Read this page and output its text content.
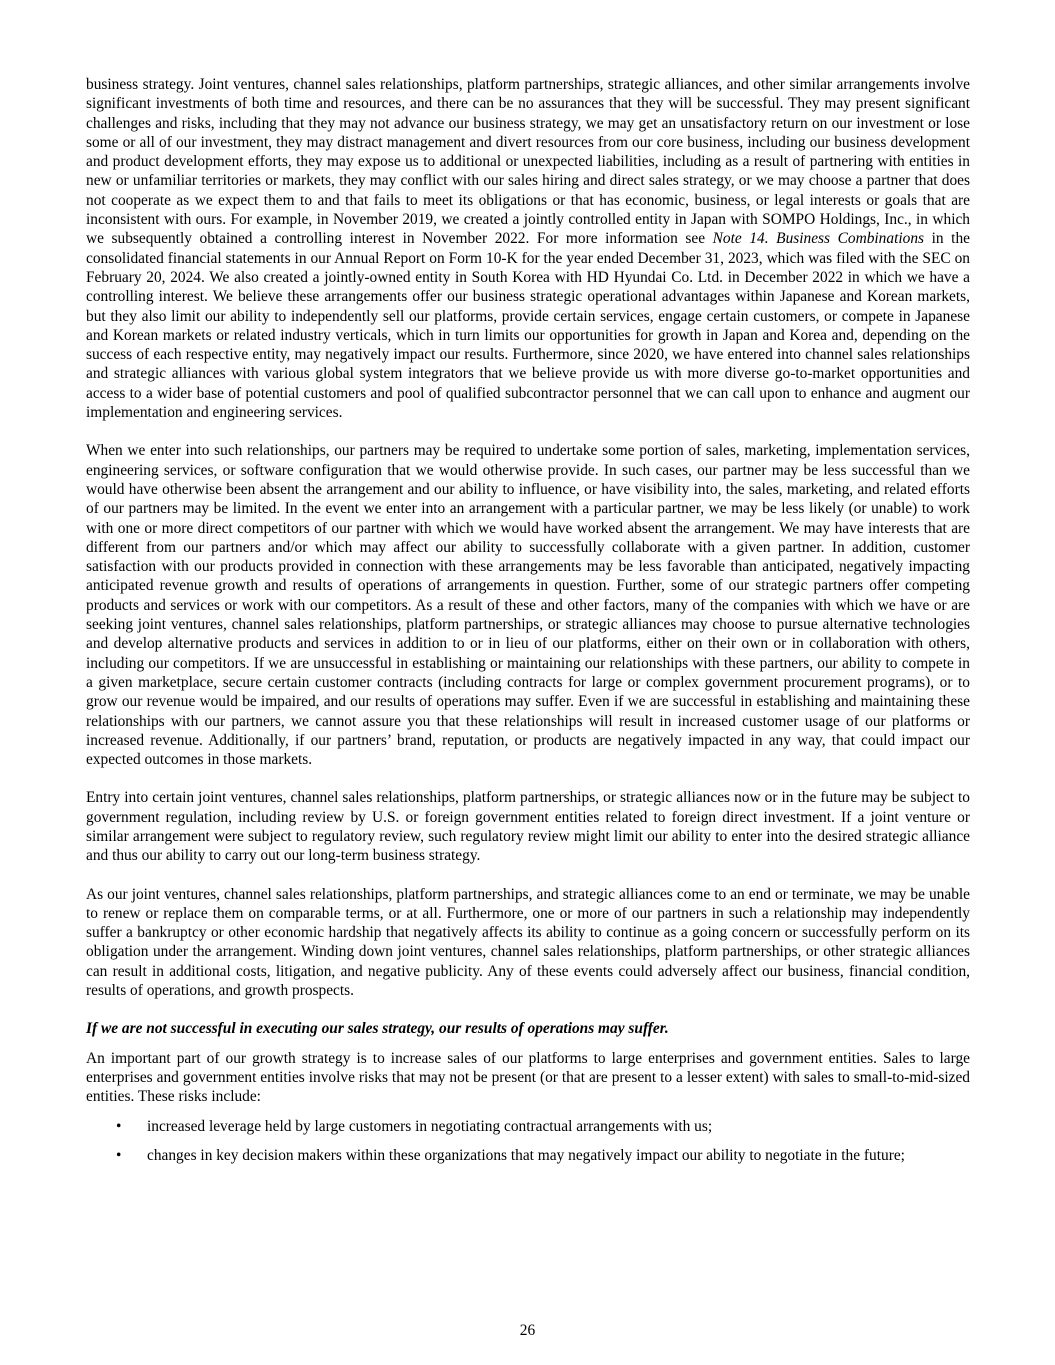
business strategy. Joint ventures, channel sales relationships, platform partnerships, strategic alliances, and other similar arrangements involve significant investments of both time and resources, and there can be no assurances that they will be successful. They may present significant challenges and risks, including that they may not advance our business strategy, we may get an unsatisfactory return on our investment or lose some or all of our investment, they may distract management and divert resources from our core business, including our business development and product development efforts, they may expose us to additional or unexpected liabilities, including as a result of partnering with entities in new or unfamiliar territories or markets, they may conflict with our sales hiring and direct sales strategy, or we may choose a partner that does not cooperate as we expect them to and that fails to meet its obligations or that has economic, business, or legal interests or goals that are inconsistent with ours. For example, in November 2019, we created a jointly controlled entity in Japan with SOMPO Holdings, Inc., in which we subsequently obtained a controlling interest in November 2022. For more information see Note 14. Business Combinations in the consolidated financial statements in our Annual Report on Form 10-K for the year ended December 31, 2023, which was filed with the SEC on February 20, 2024. We also created a jointly-owned entity in South Korea with HD Hyundai Co. Ltd. in December 2022 in which we have a controlling interest. We believe these arrangements offer our business strategic operational advantages within Japanese and Korean markets, but they also limit our ability to independently sell our platforms, provide certain services, engage certain customers, or compete in Japanese and Korean markets or related industry verticals, which in turn limits our opportunities for growth in Japan and Korea and, depending on the success of each respective entity, may negatively impact our results. Furthermore, since 2020, we have entered into channel sales relationships and strategic alliances with various global system integrators that we believe provide us with more diverse go-to-market opportunities and access to a wider base of potential customers and pool of qualified subcontractor personnel that we can call upon to enhance and augment our implementation and engineering services.

When we enter into such relationships, our partners may be required to undertake some portion of sales, marketing, implementation services, engineering services, or software configuration that we would otherwise provide. In such cases, our partner may be less successful than we would have otherwise been absent the arrangement and our ability to influence, or have visibility into, the sales, marketing, and related efforts of our partners may be limited. In the event we enter into an arrangement with a particular partner, we may be less likely (or unable) to work with one or more direct competitors of our partner with which we would have worked absent the arrangement. We may have interests that are different from our partners and/or which may affect our ability to successfully collaborate with a given partner. In addition, customer satisfaction with our products provided in connection with these arrangements may be less favorable than anticipated, negatively impacting anticipated revenue growth and results of operations of arrangements in question. Further, some of our strategic partners offer competing products and services or work with our competitors. As a result of these and other factors, many of the companies with which we have or are seeking joint ventures, channel sales relationships, platform partnerships, or strategic alliances may choose to pursue alternative technologies and develop alternative products and services in addition to or in lieu of our platforms, either on their own or in collaboration with others, including our competitors. If we are unsuccessful in establishing or maintaining our relationships with these partners, our ability to compete in a given marketplace, secure certain customer contracts (including contracts for large or complex government procurement programs), or to grow our revenue would be impaired, and our results of operations may suffer. Even if we are successful in establishing and maintaining these relationships with our partners, we cannot assure you that these relationships will result in increased customer usage of our platforms or increased revenue. Additionally, if our partners’ brand, reputation, or products are negatively impacted in any way, that could impact our expected outcomes in those markets.

Entry into certain joint ventures, channel sales relationships, platform partnerships, or strategic alliances now or in the future may be subject to government regulation, including review by U.S. or foreign government entities related to foreign direct investment. If a joint venture or similar arrangement were subject to regulatory review, such regulatory review might limit our ability to enter into the desired strategic alliance and thus our ability to carry out our long-term business strategy.

As our joint ventures, channel sales relationships, platform partnerships, and strategic alliances come to an end or terminate, we may be unable to renew or replace them on comparable terms, or at all. Furthermore, one or more of our partners in such a relationship may independently suffer a bankruptcy or other economic hardship that negatively affects its ability to continue as a going concern or successfully perform on its obligation under the arrangement. Winding down joint ventures, channel sales relationships, platform partnerships, or other strategic alliances can result in additional costs, litigation, and negative publicity. Any of these events could adversely affect our business, financial condition, results of operations, and growth prospects.

If we are not successful in executing our sales strategy, our results of operations may suffer.

An important part of our growth strategy is to increase sales of our platforms to large enterprises and government entities. Sales to large enterprises and government entities involve risks that may not be present (or that are present to a lesser extent) with sales to small-to-mid-sized entities. These risks include:

• increased leverage held by large customers in negotiating contractual arrangements with us;
• changes in key decision makers within these organizations that may negatively impact our ability to negotiate in the future;
26
